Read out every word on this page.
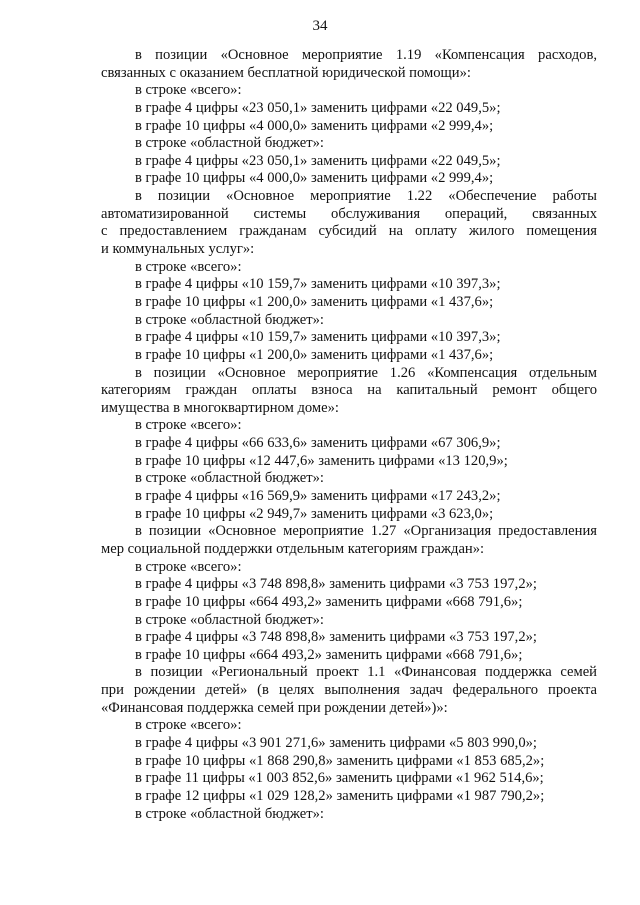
34
в позиции «Основное мероприятие 1.19 «Компенсация расходов,
связанных с оказанием бесплатной юридической помощи»:
в строке «всего»:
в графе 4 цифры «23 050,1» заменить цифрами «22 049,5»;
в графе 10 цифры «4 000,0» заменить цифрами «2 999,4»;
в строке «областной бюджет»:
в графе 4 цифры «23 050,1» заменить цифрами «22 049,5»;
в графе 10 цифры «4 000,0» заменить цифрами «2 999,4»;
в позиции «Основное мероприятие 1.22 «Обеспечение работы
автоматизированной системы обслуживания операций, связанных
с предоставлением гражданам субсидий на оплату жилого помещения
и коммунальных услуг»:
в строке «всего»:
в графе 4 цифры «10 159,7» заменить цифрами «10 397,3»;
в графе 10 цифры «1 200,0» заменить цифрами «1 437,6»;
в строке «областной бюджет»:
в графе 4 цифры «10 159,7» заменить цифрами «10 397,3»;
в графе 10 цифры «1 200,0» заменить цифрами «1 437,6»;
в позиции «Основное мероприятие 1.26 «Компенсация отдельным
категориям граждан оплаты взноса на капитальный ремонт общего
имущества в многоквартирном доме»:
в строке «всего»:
в графе 4 цифры «66 633,6» заменить цифрами «67 306,9»;
в графе 10 цифры «12 447,6» заменить цифрами «13 120,9»;
в строке «областной бюджет»:
в графе 4 цифры «16 569,9» заменить цифрами «17 243,2»;
в графе 10 цифры «2 949,7» заменить цифрами «3 623,0»;
в позиции «Основное мероприятие 1.27 «Организация предоставления
мер социальной поддержки отдельным категориям граждан»:
в строке «всего»:
в графе 4 цифры «3 748 898,8» заменить цифрами «3 753 197,2»;
в графе 10 цифры «664 493,2» заменить цифрами «668 791,6»;
в строке «областной бюджет»:
в графе 4 цифры «3 748 898,8» заменить цифрами «3 753 197,2»;
в графе 10 цифры «664 493,2» заменить цифрами «668 791,6»;
в позиции «Региональный проект 1.1 «Финансовая поддержка семей
при рождении детей» (в целях выполнения задач федерального проекта
«Финансовая поддержка семей при рождении детей»)»:
в строке «всего»:
в графе 4 цифры «3 901 271,6» заменить цифрами «5 803 990,0»;
в графе 10 цифры «1 868 290,8» заменить цифрами «1 853 685,2»;
в графе 11 цифры «1 003 852,6» заменить цифрами «1 962 514,6»;
в графе 12 цифры «1 029 128,2» заменить цифрами «1 987 790,2»;
в строке «областной бюджет»:
